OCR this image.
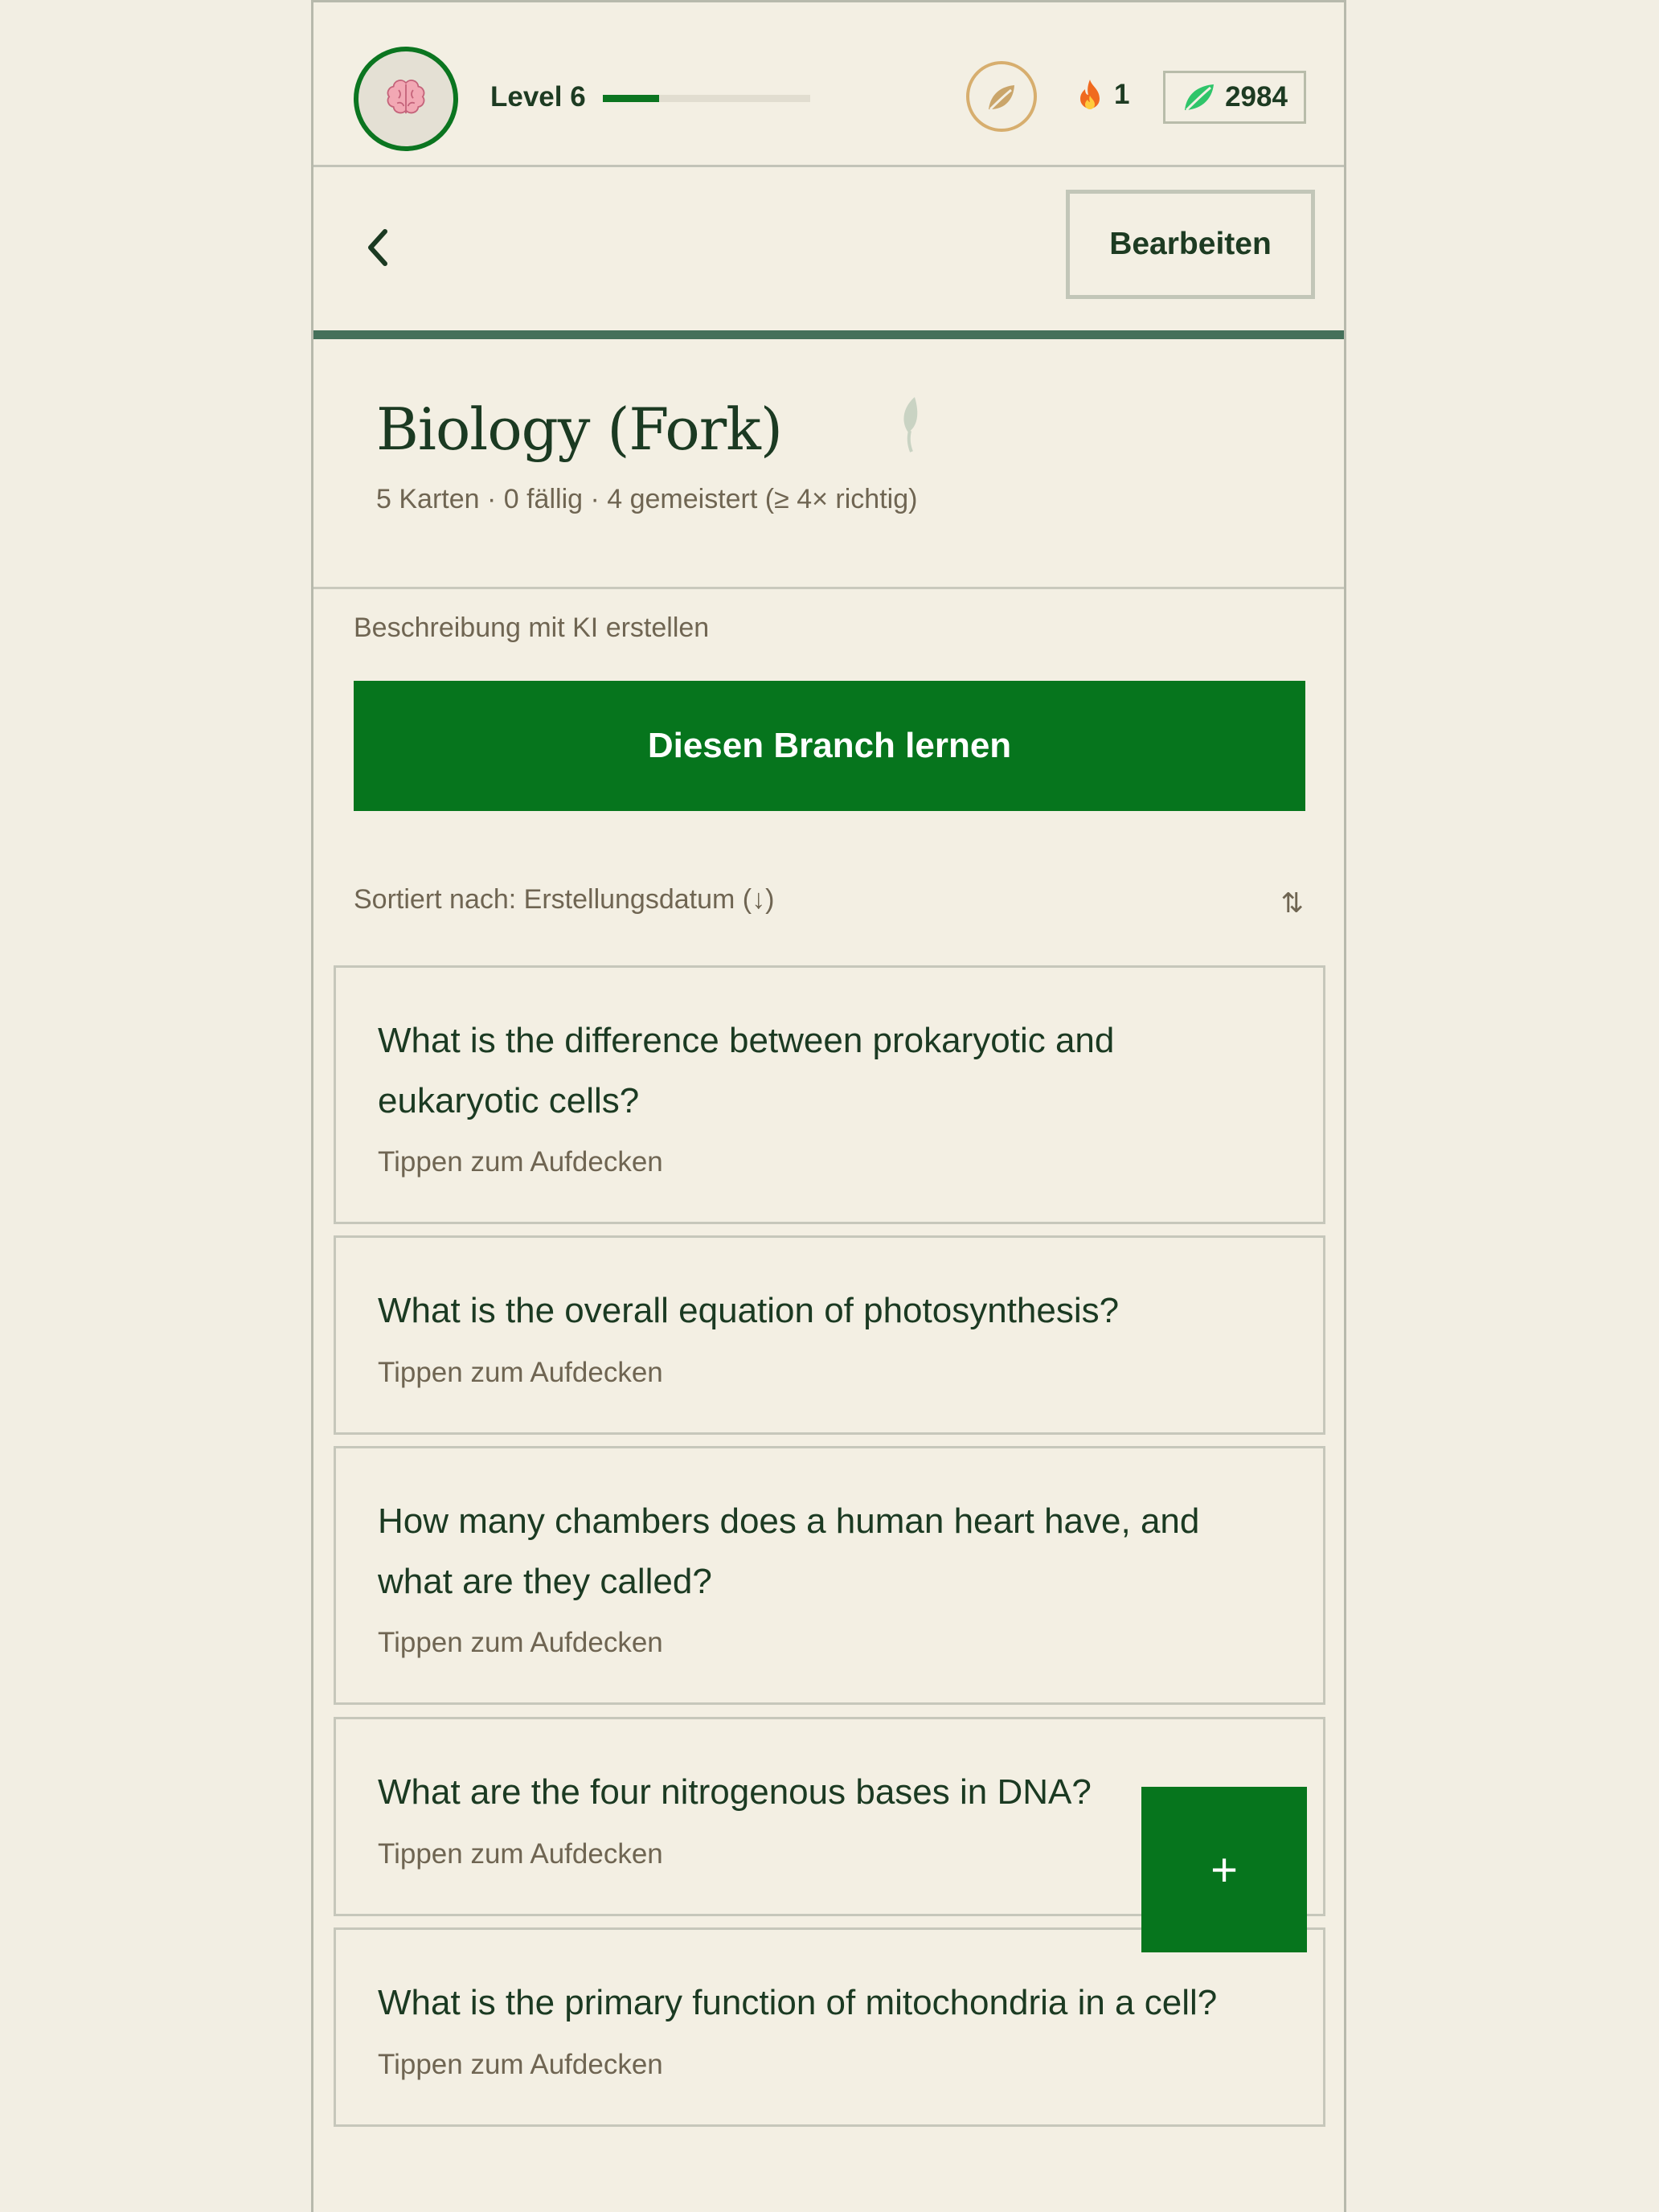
Level 6	1	2984
Bearbeiten
Biology (Fork)
5 Karten · 0 fällig · 4 gemeistert (≥ 4× richtig)
Beschreibung mit KI erstellen
Diesen Branch lernen
Sortiert nach: Erstellungsdatum (↓)	⇅
What is the difference between prokaryotic and eukaryotic cells?
Tippen zum Aufdecken
What is the overall equation of photosynthesis?
Tippen zum Aufdecken
How many chambers does a human heart have, and what are they called?
Tippen zum Aufdecken
What are the four nitrogenous bases in DNA?
Tippen zum Aufdecken
What is the primary function of mitochondria in a cell?
Tippen zum Aufdecken
+
